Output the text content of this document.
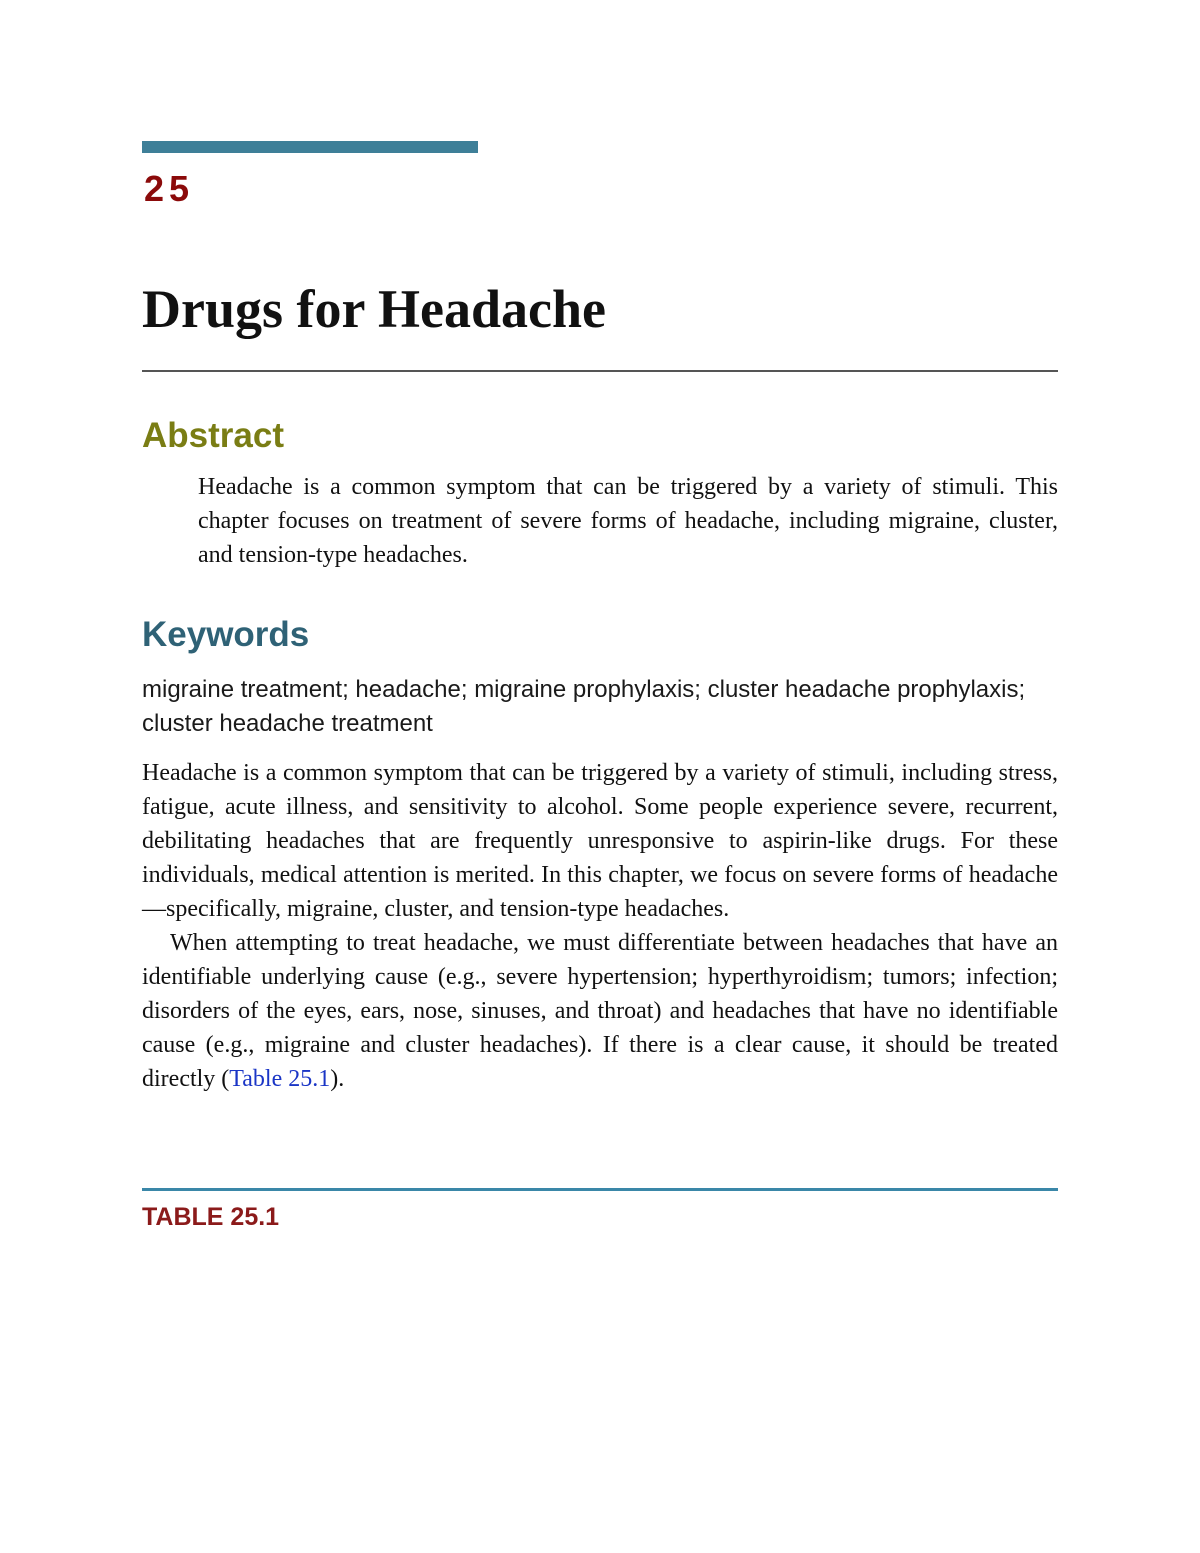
25
Drugs for Headache
Abstract

Headache is a common symptom that can be triggered by a variety of stimuli. This chapter focuses on treatment of severe forms of headache, including migraine, cluster, and tension-type headaches.

Keywords

migraine treatment; headache; migraine prophylaxis; cluster headache prophylaxis; cluster headache treatment

Headache is a common symptom that can be triggered by a variety of stimuli, including stress, fatigue, acute illness, and sensitivity to alcohol. Some people experience severe, recurrent, debilitating headaches that are frequently unresponsive to aspirin-like drugs. For these individuals, medical attention is merited. In this chapter, we focus on severe forms of headache—specifically, migraine, cluster, and tension-type headaches.

When attempting to treat headache, we must differentiate between headaches that have an identifiable underlying cause (e.g., severe hypertension; hyperthyroidism; tumors; infection; disorders of the eyes, ears, nose, sinuses, and throat) and headaches that have no identifiable cause (e.g., migraine and cluster headaches). If there is a clear cause, it should be treated directly (Table 25.1).

TABLE 25.1
